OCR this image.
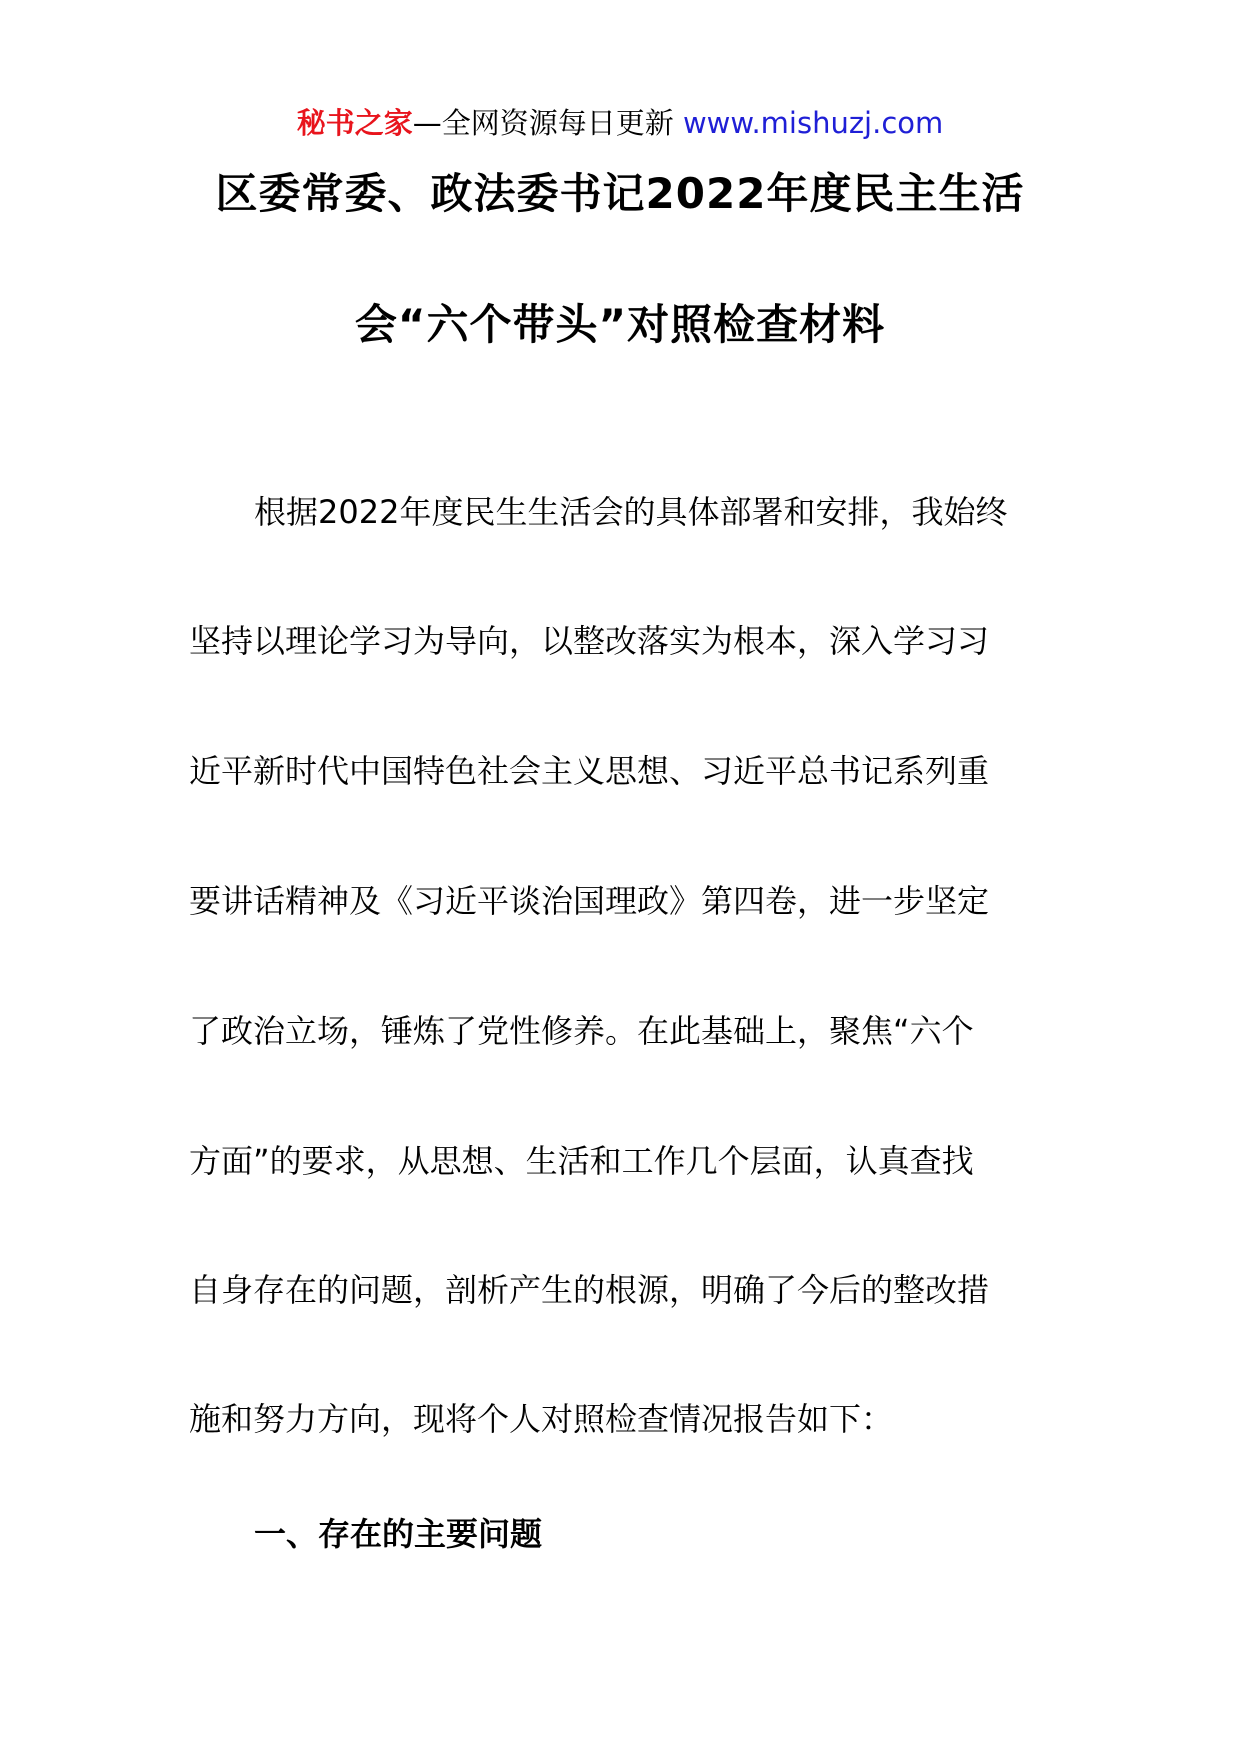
秘书之家—全网资源每日更新 www.mishuzj.com
区委常委、政法委书记2022年度民主生活
会“六个带头”对照检查材料
根据2022年度民生生活会的具体部署和安排，我始终
坚持以理论学习为导向，以整改落实为根本，深入学习习
近平新时代中国特色社会主义思想、习近平总书记系列重
要讲话精神及《习近平谈治国理政》第四卷，进一步坚定
了政治立场，锤炼了党性修养。在此基础上，聚焦“六个
方面”的要求，从思想、生活和工作几个层面，认真查找
自身存在的问题，剖析产生的根源，明确了今后的整改措
施和努力方向，现将个人对照检查情况报告如下：
一、存在的主要问题
